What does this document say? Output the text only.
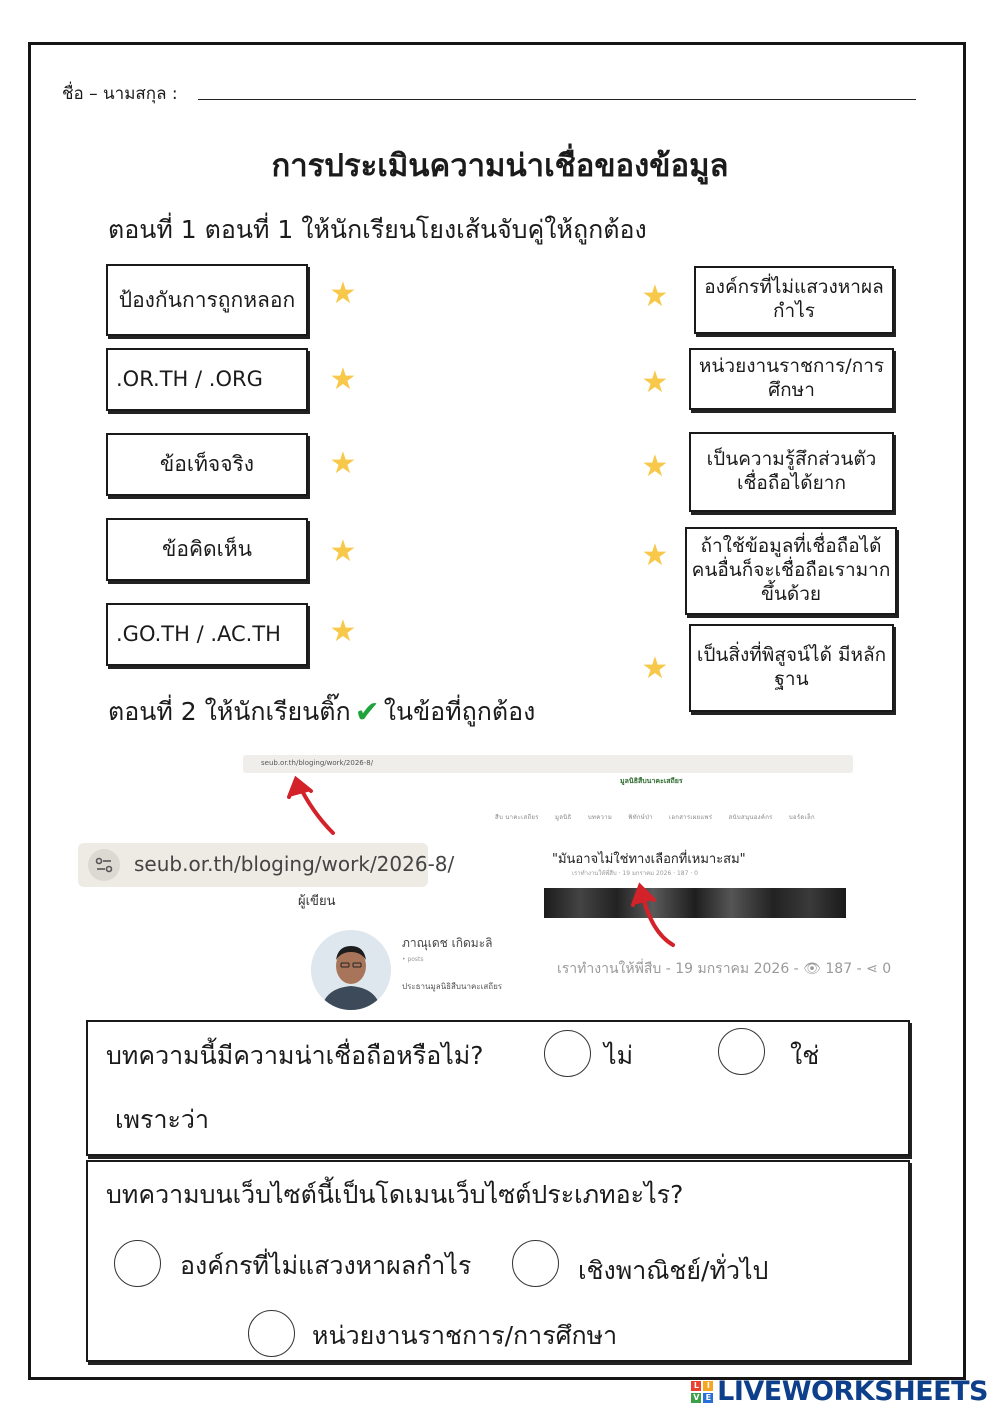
ชื่อ – นามสกุล :
การประเมินความน่าเชื่อของข้อมูล
ตอนที่ 1 ตอนที่ 1 ให้นักเรียนโยงเส้นจับคู่ให้ถูกต้อง
ป้องกันการถูกหลอก
.OR.TH / .ORG
ข้อเท็จจริง
ข้อคิดเห็น
.GO.TH / .AC.TH
★
★
★
★
★
★
★
★
★
★
องค์กรที่ไม่แสวงหาผลกำไร
หน่วยงานราชการ/การศึกษา
เป็นความรู้สึกส่วนตัว เชื่อถือได้ยาก
ถ้าใช้ข้อมูลที่เชื่อถือได้ คนอื่นก็จะเชื่อถือเรามากขึ้นด้วย
เป็นสิ่งที่พิสูจน์ได้ มีหลักฐาน
ตอนที่ 2 ให้นักเรียนติ๊ก ✔ ในข้อที่ถูกต้อง
seub.or.th/bloging/work/2026-8/
มูลนิธิสืบนาคะเสถียร
สืบ นาคะเสถียร	มูลนิธิ	บทความ	พิทักษ์ป่า	เอกสารเผยแพร่	สนับสนุนองค์กร	บอร์ดเล็ก
seub.or.th/bloging/work/2026-8/	"มันอาจไม่ใช่ทางเลือกที่เหมาะสม"
เราทำงานให้พี่สืบ · 19 มกราคม 2026 · 187 · 0
ผู้เขียน
ภาณุเดช เกิดมะลิ
• posts
ประธานมูลนิธิสืบนาคะเสถียร
เราทำงานให้พี่สืบ - 19 มกราคม 2026 - 👁 187 - ⋖ 0
บทความนี้มีความน่าเชื่อถือหรือไม่?	ไม่	ใช่
เพราะว่า
บทความบนเว็บไซต์นี้เป็นโดเมนเว็บไซต์ประเภทอะไร?
องค์กรที่ไม่แสวงหาผลกำไร	เชิงพาณิชย์/ทั่วไป
หน่วยงานราชการ/การศึกษา
L	I
V E LIVEWORKSHEETS
